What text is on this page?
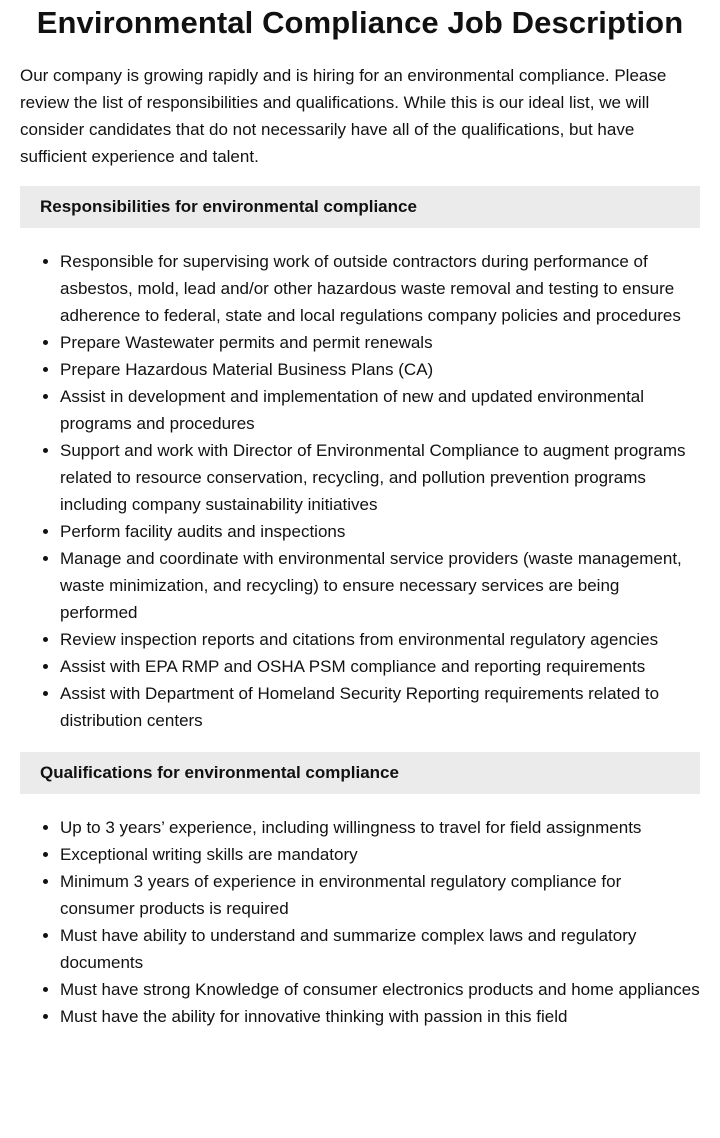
Environmental Compliance Job Description

Our company is growing rapidly and is hiring for an environmental compliance. Please review the list of responsibilities and qualifications. While this is our ideal list, we will consider candidates that do not necessarily have all of the qualifications, but have sufficient experience and talent.

Responsibilities for environmental compliance
• Responsible for supervising work of outside contractors during performance of asbestos, mold, lead and/or other hazardous waste removal and testing to ensure adherence to federal, state and local regulations company policies and procedures
• Prepare Wastewater permits and permit renewals
• Prepare Hazardous Material Business Plans (CA)
• Assist in development and implementation of new and updated environmental programs and procedures
• Support and work with Director of Environmental Compliance to augment programs related to resource conservation, recycling, and pollution prevention programs including company sustainability initiatives
• Perform facility audits and inspections
• Manage and coordinate with environmental service providers (waste management, waste minimization, and recycling) to ensure necessary services are being performed
• Review inspection reports and citations from environmental regulatory agencies
• Assist with EPA RMP and OSHA PSM compliance and reporting requirements
• Assist with Department of Homeland Security Reporting requirements related to distribution centers
Qualifications for environmental compliance
• Up to 3 years’ experience, including willingness to travel for field assignments
• Exceptional writing skills are mandatory
• Minimum 3 years of experience in environmental regulatory compliance for consumer products is required
• Must have ability to understand and summarize complex laws and regulatory documents
• Must have strong Knowledge of consumer electronics products and home appliances
• Must have the ability for innovative thinking with passion in this field
